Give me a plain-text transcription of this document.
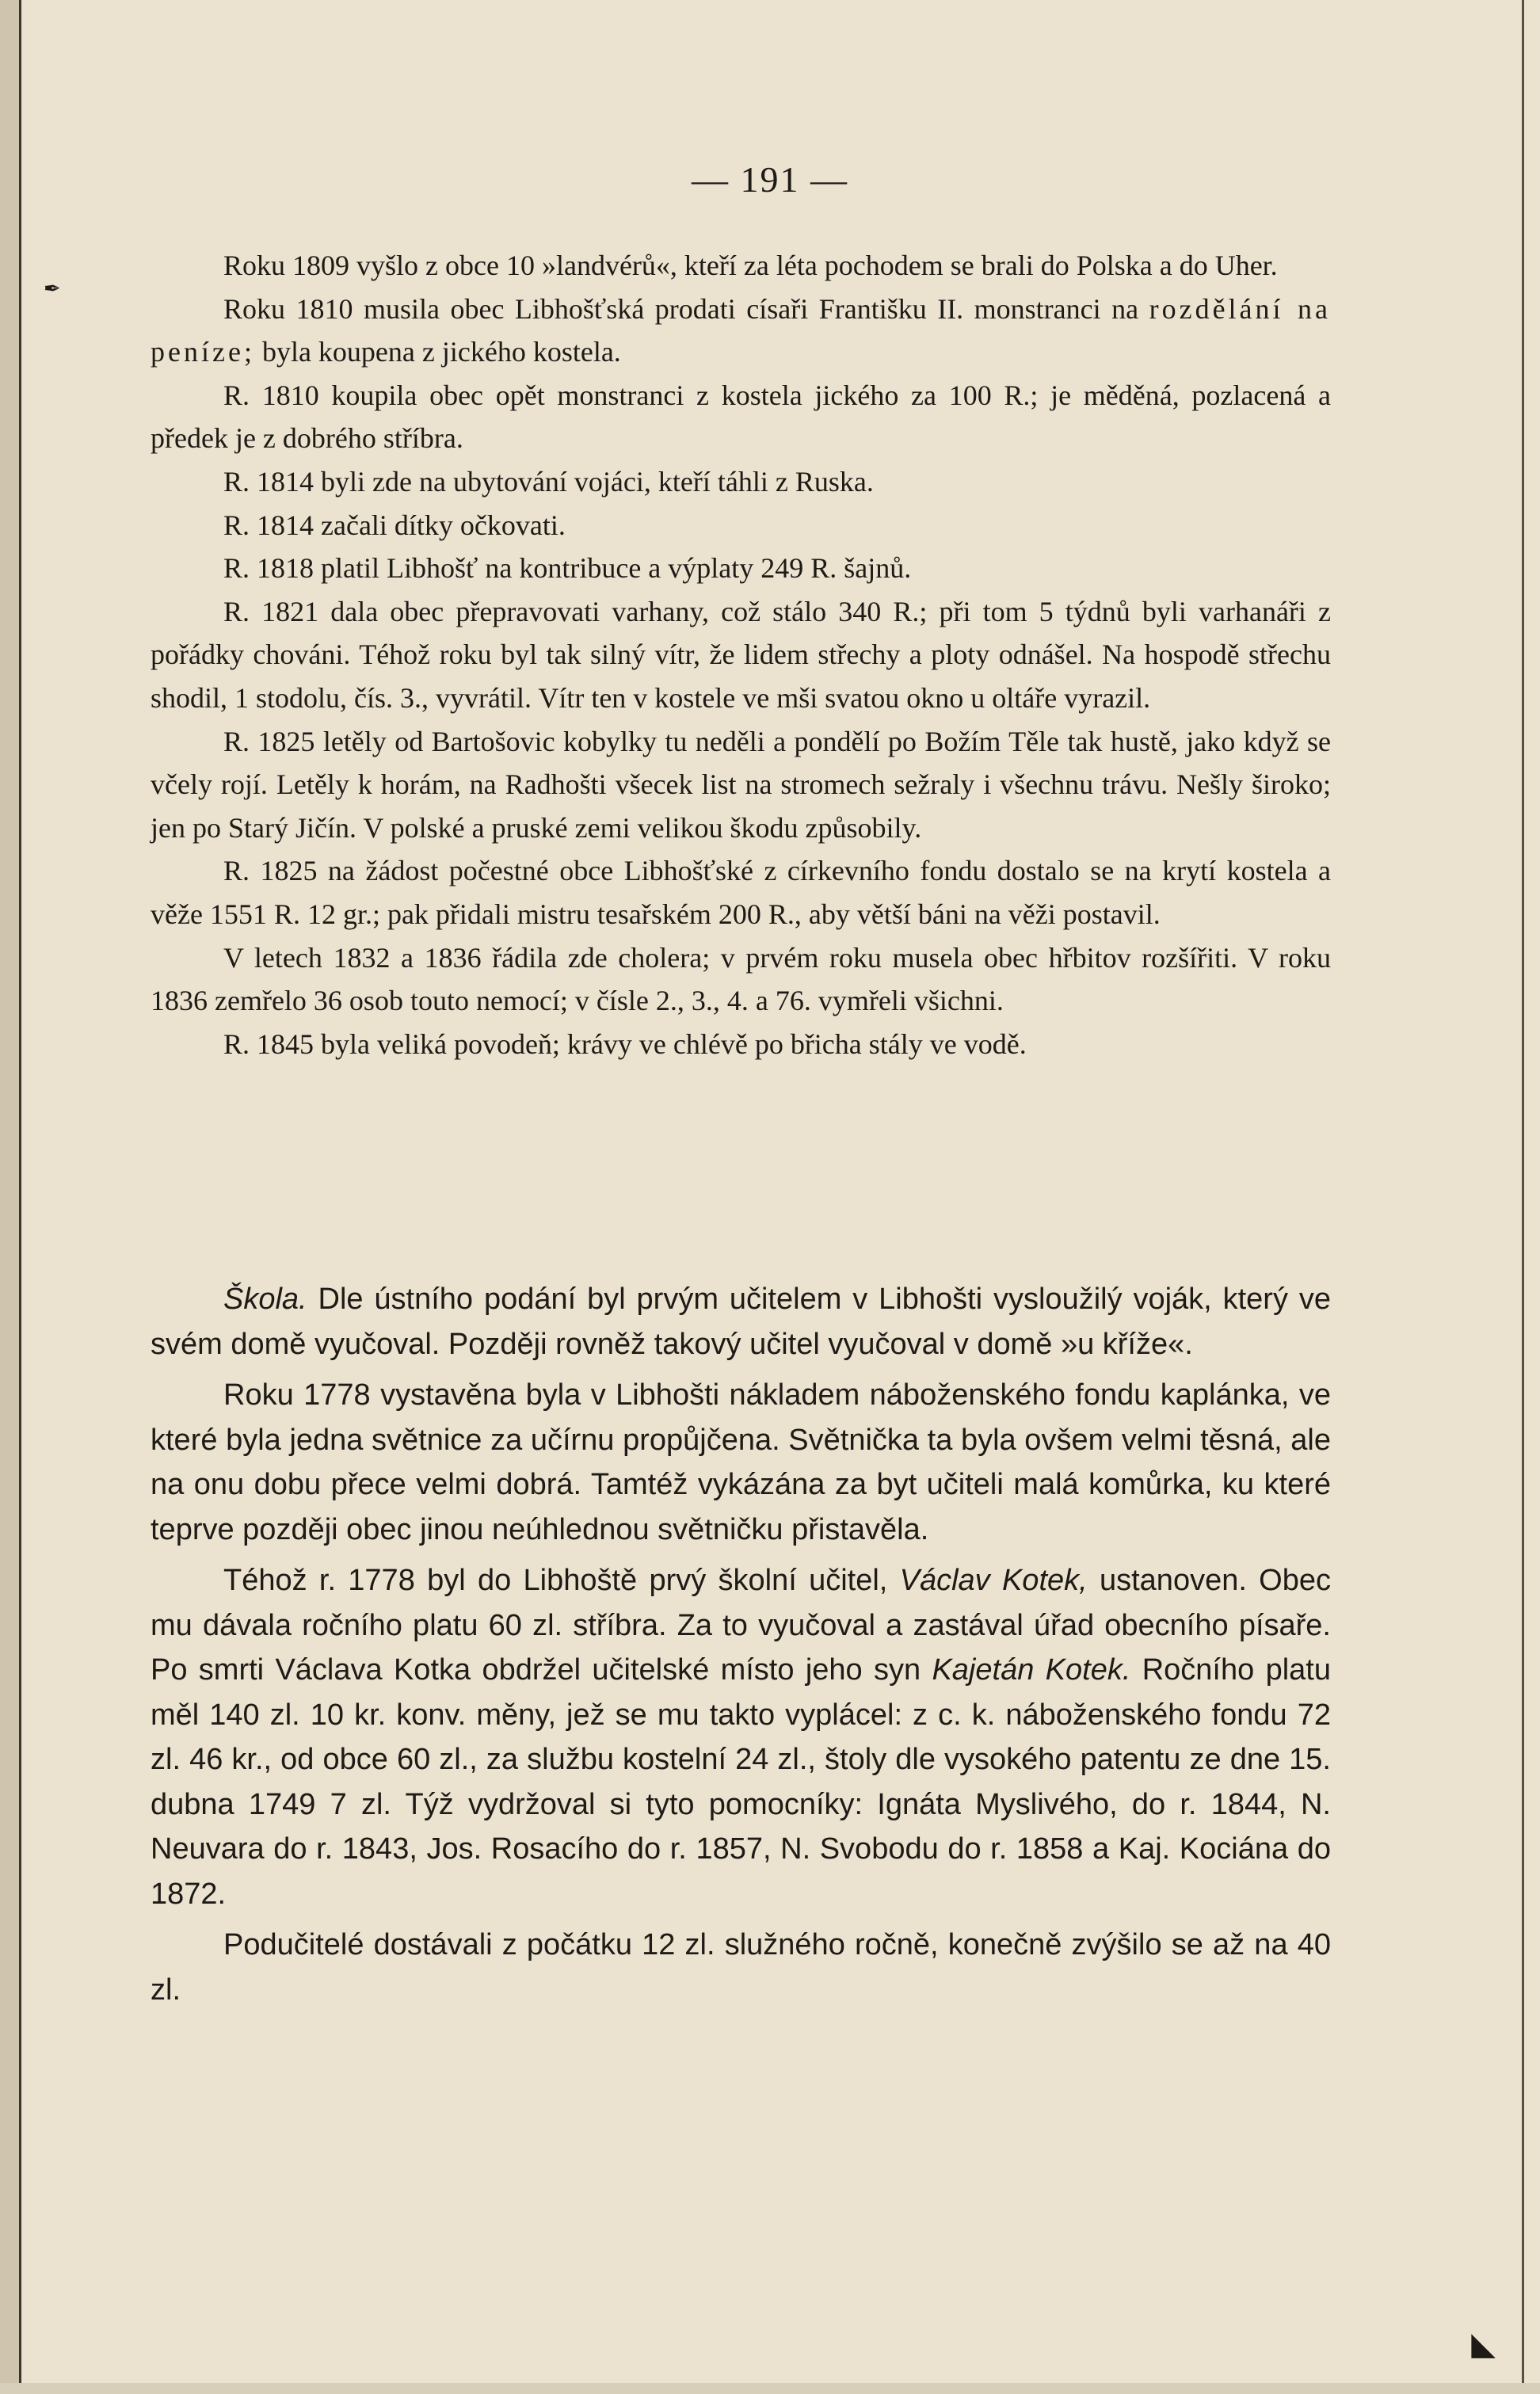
✒
◣
— 191 —

Roku 1809 vyšlo z obce 10 »landvérů«, kteří za léta pochodem se brali do Polska a do Uher.

Roku 1810 musila obec Libhošťská prodati císaři Františku II. monstranci na rozdělání na peníze; byla koupena z jického kostela.

R. 1810 koupila obec opět monstranci z kostela jického za 100 R.; je měděná, pozlacená a předek je z dobrého stříbra.

R. 1814 byli zde na ubytování vojáci, kteří táhli z Ruska.

R. 1814 začali dítky očkovati.

R. 1818 platil Libhošť na kontribuce a výplaty 249 R. šajnů.

R. 1821 dala obec přepravovati varhany, což stálo 340 R.; při tom 5 týdnů byli varhanáři z pořádky chováni. Téhož roku byl tak silný vítr, že lidem střechy a ploty odnášel. Na hospodě střechu shodil, 1 stodolu, čís. 3., vyvrátil. Vítr ten v kostele ve mši svatou okno u oltáře vyrazil.

R. 1825 letěly od Bartošovic kobylky tu neděli a pondělí po Božím Těle tak hustě, jako když se včely rojí. Letěly k horám, na Radhošti všecek list na stromech sežraly i všechnu trávu. Nešly široko; jen po Starý Jičín. V polské a pruské zemi velikou škodu způsobily.

R. 1825 na žádost počestné obce Libhošťské z církevního fondu dostalo se na krytí kostela a věže 1551 R. 12 gr.; pak přidali mistru tesařském 200 R., aby větší báni na věži postavil.

V letech 1832 a 1836 řádila zde cholera; v prvém roku musela obec hřbitov rozšířiti. V roku 1836 zemřelo 36 osob touto nemocí; v čísle 2., 3., 4. a 76. vymřeli všichni.

R. 1845 byla veliká povodeň; krávy ve chlévě po břicha stály ve vodě.

Škola. Dle ústního podání byl prvým učitelem v Libhošti vysloužilý voják, který ve svém domě vyučoval. Později rovněž takový učitel vyučoval v domě »u kříže«.

Roku 1778 vystavěna byla v Libhošti nákladem náboženského fondu kaplánka, ve které byla jedna světnice za učírnu propůjčena. Světnička ta byla ovšem velmi těsná, ale na onu dobu přece velmi dobrá. Tamtéž vykázána za byt učiteli malá komůrka, ku které teprve později obec jinou neúhlednou světničku přistavěla.

Téhož r. 1778 byl do Libhoště prvý školní učitel, Václav Kotek, ustanoven. Obec mu dávala ročního platu 60 zl. stříbra. Za to vyučoval a zastával úřad obecního písaře. Po smrti Václava Kotka obdržel učitelské místo jeho syn Kajetán Kotek. Ročního platu měl 140 zl. 10 kr. konv. měny, jež se mu takto vyplácel: z c. k. náboženského fondu 72 zl. 46 kr., od obce 60 zl., za službu kostelní 24 zl., štoly dle vysokého patentu ze dne 15. dubna 1749 7 zl. Týž vydržoval si tyto pomocníky: Ignáta Myslivého, do r. 1844, N. Neuvara do r. 1843, Jos. Rosacího do r. 1857, N. Svobodu do r. 1858 a Kaj. Kociána do 1872.

Podučitelé dostávali z počátku 12 zl. služného ročně, konečně zvýšilo se až na 40 zl.
